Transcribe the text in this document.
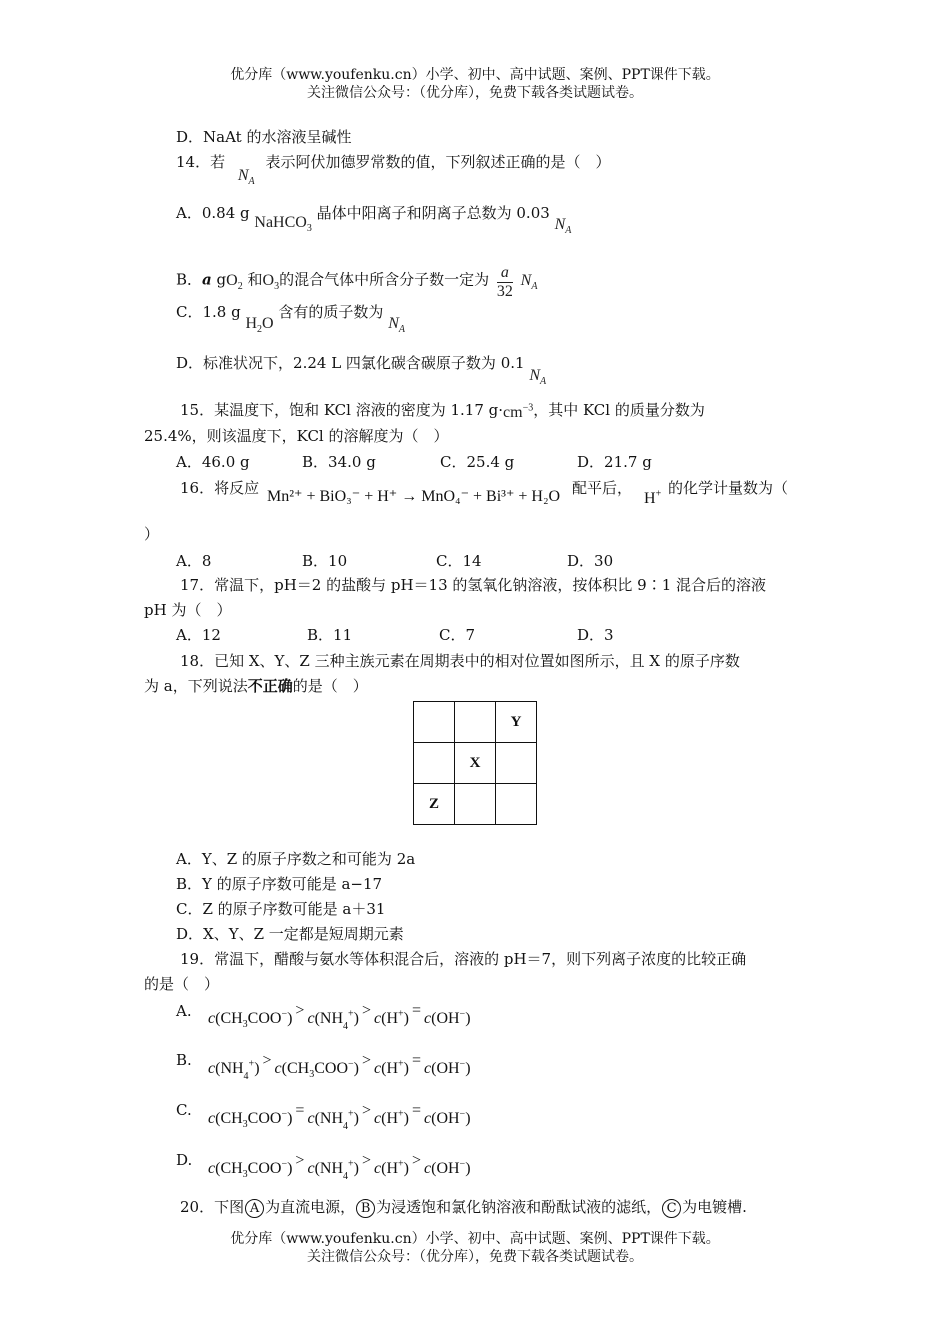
优分库（www.youfenku.cn）小学、初中、高中试题、案例、PPT课件下载。
关注微信公众号：（优分库），免费下载各类试题试卷。
D．NaAt 的水溶液呈碱性
14．若 $N_A$ 表示阿伏加德罗常数的值，下列叙述正确的是（　）
A．0.84 g NaHCO$_3$ 晶体中阳离子和阴离子总数为 0.03 $N_A$
B．a $gO_2$ 和$O_3$的混合气体中所含分子数一定为 $\frac{a}{32} N_A$
C．1.8 g $H_2O$ 含有的质子数为 $N_A$
D．标准状况下，2.24 L 四氯化碳含碳原子数为 0.1 $N_A$
15．某温度下，饱和 KCl 溶液的密度为 1.17 $g\cdot cm^{-3}$，其中 KCl 的质量分数为
25.4%，则该温度下，KCl 的溶解度为（　）
A．46.0 g	B．34.0 g	C．25.4 g	D．21.7 g
16．将反应 Mn²⁺ + BiO₃⁻ + H⁺ → MnO₄⁻ + Bi³⁺ + H₂O 配平后，
H+ 的化学计量数为（
）
A．8	B．10	C．14	D．30
17．常温下，pH＝2 的盐酸与 pH＝13 的氢氧化钠溶液，按体积比 9∶1 混合后的溶液
pH 为（　）
A．12	B．11	C．7	D．3
18．已知 X、Y、Z 三种主族元素在周期表中的相对位置如图所示，且 X 的原子序数
为 a，下列说法不正确的是（　）
		Y
	X	
Z		
A．Y、Z 的原子序数之和可能为 2a
B．Y 的原子序数可能是 a−17
C．Z 的原子序数可能是 a＋31
D．X、Y、Z 一定都是短周期元素
19．常温下，醋酸与氨水等体积混合后，溶液的 pH＝7，则下列离子浓度的比较正确
的是（　）
A. $c(CH_3COO^-) > c(NH_4^+) > c(H^+) = c(OH^-)$
B. $c(NH_4^+) > c(CH_3COO^-) > c(H^+) = c(OH^-)$
C. $c(CH_3COO^-) = c(NH_4^+) > c(H^+) = c(OH^-)$
D. $c(CH_3COO^-) > c(NH_4^+) > c(H^+) > c(OH^-)$
20．下图 A 为直流电源， B 为浸透饱和氯化钠溶液和酚酞试液的滤纸， C 为电镀槽.
优分库（www.youfenku.cn）小学、初中、高中试题、案例、PPT课件下载。
关注微信公众号：（优分库），免费下载各类试题试卷。
